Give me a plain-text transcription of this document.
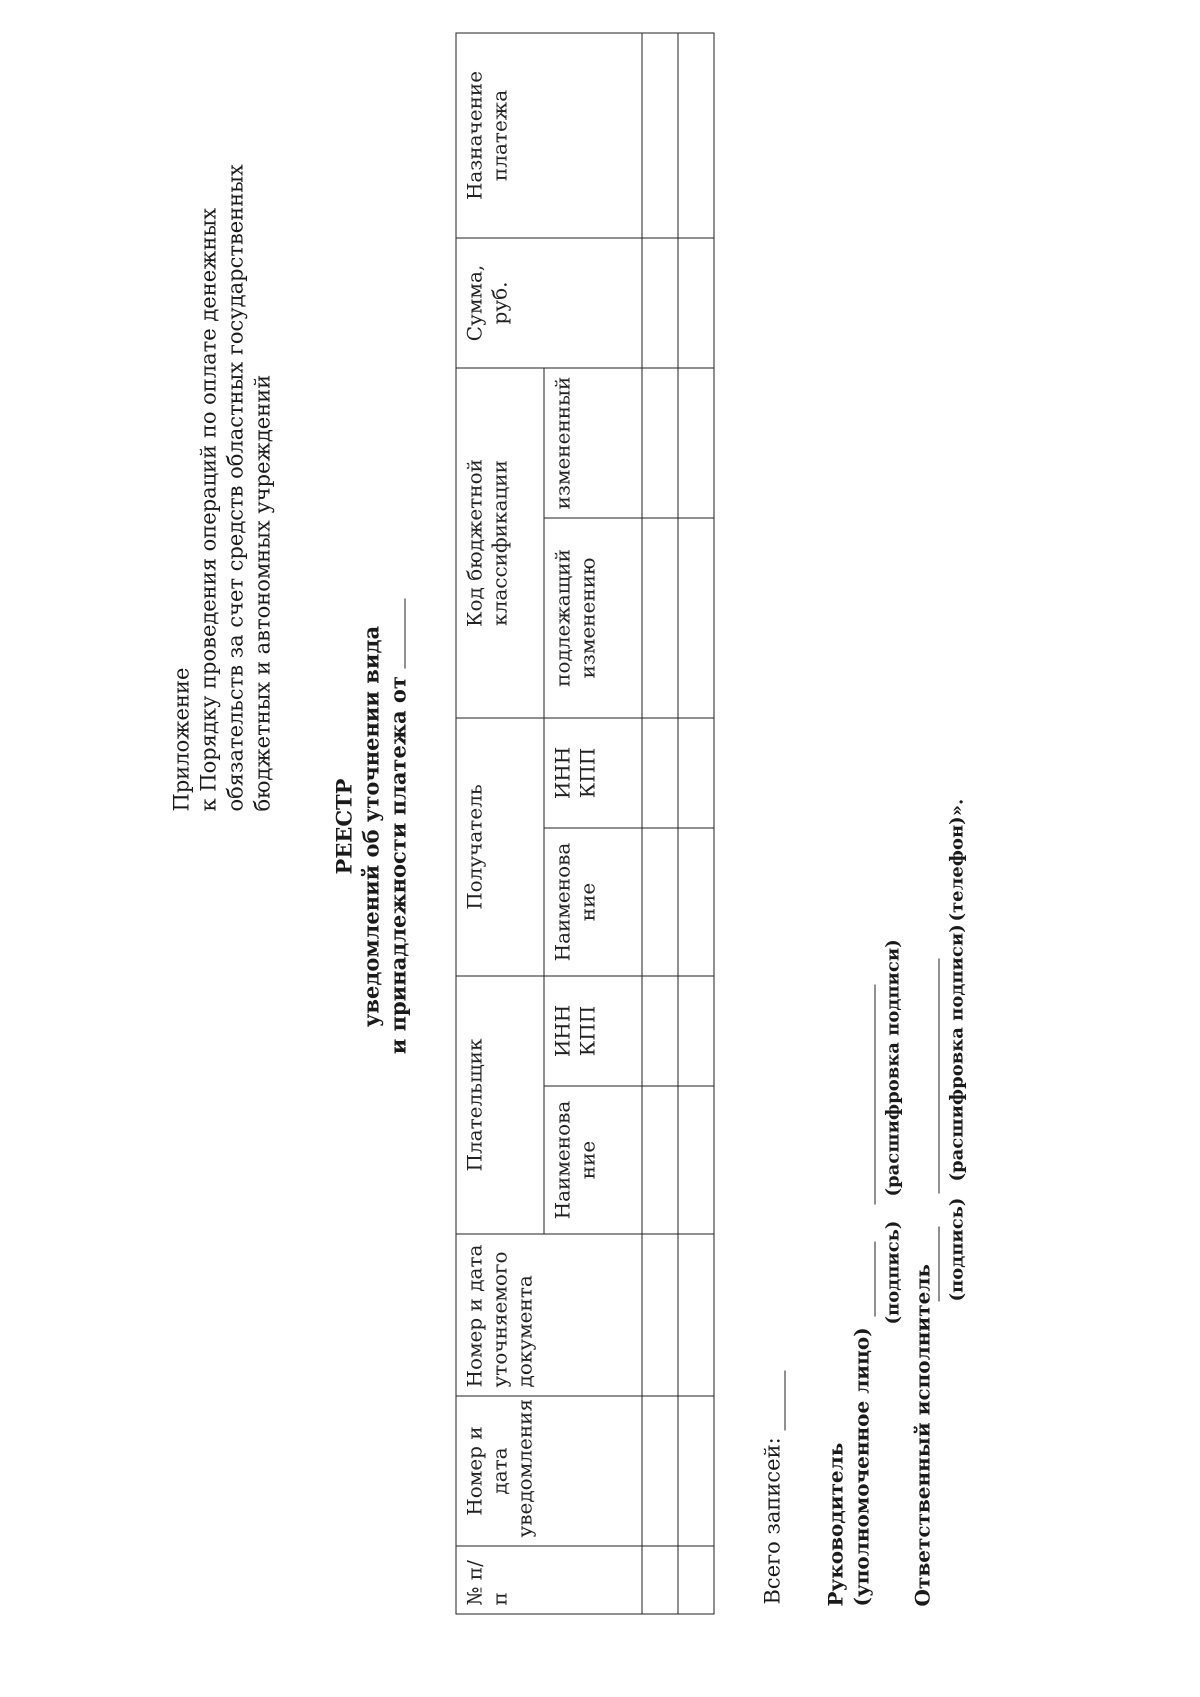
Приложение к Порядку проведения операций по оплате денежных обязательств за счет средств областных государственных бюджетных и автономных учреждений
РЕЕСТР уведомлений об уточнении вида и принадлежности платежа от
№ п/п	Номер и дата уведомления	Номер и дата уточняемого документа	Плательщик		Получатель		Код бюджетной классификации		Сумма, руб.	Назначение платежа
			Наименова ние	ИНН КПП	Наименова ние	ИНН КПП	подлежащий изменению	измененный		

Всего записей: Руководитель (уполномоченное лицо)
(подпись)
(расшифровка подписи)
Ответственный исполнитель
(подпись)
(расшифровка подписи)
(телефон)».
